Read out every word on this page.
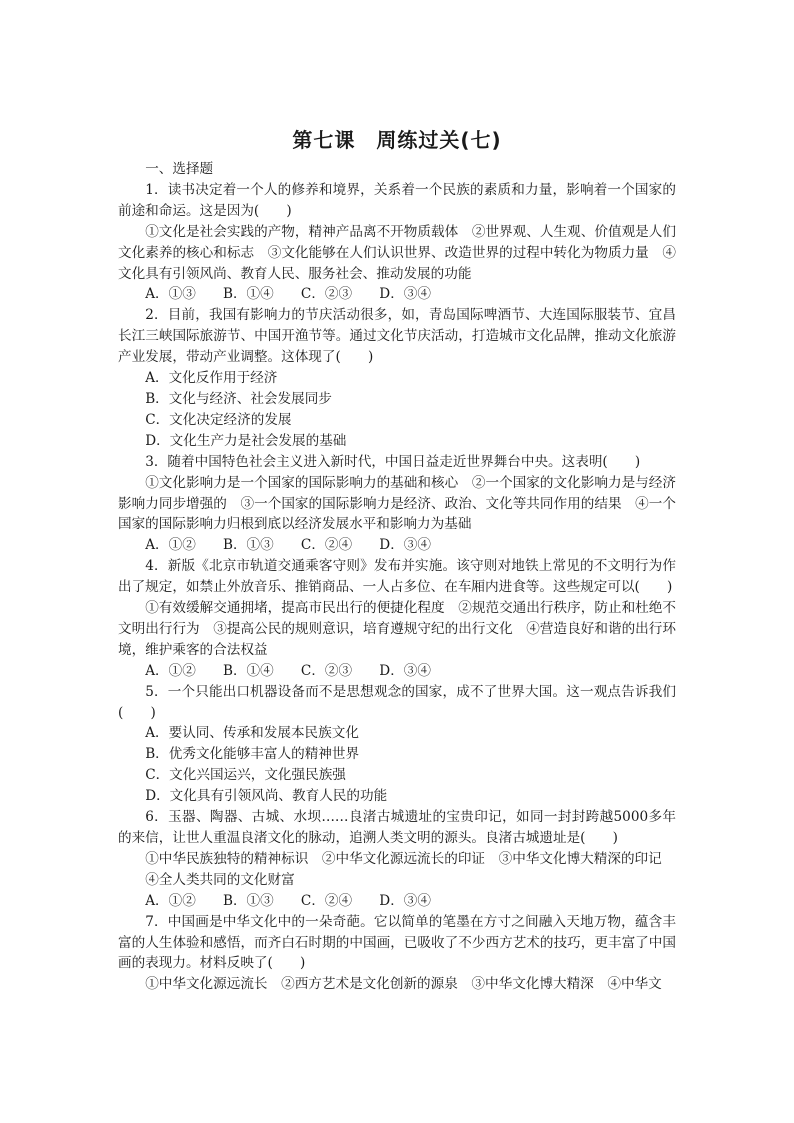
第七课　周练过关(七)

一、选择题

1．读书决定着一个人的修养和境界，关系着一个民族的素质和力量，影响着一个国家的前途和命运。这是因为(　　)

①文化是社会实践的产物，精神产品离不开物质载体　②世界观、人生观、价值观是人们文化素养的核心和标志　③文化能够在人们认识世界、改造世界的过程中转化为物质力量　④文化具有引领风尚、教育人民、服务社会、推动发展的功能

A．①③　　B．①④　　C．②③　　D．③④

2．目前，我国有影响力的节庆活动很多，如，青岛国际啤酒节、大连国际服装节、宜昌长江三峡国际旅游节、中国开渔节等。通过文化节庆活动，打造城市文化品牌，推动文化旅游产业发展，带动产业调整。这体现了(　　)

A．文化反作用于经济

B．文化与经济、社会发展同步

C．文化决定经济的发展

D．文化生产力是社会发展的基础

3．随着中国特色社会主义进入新时代，中国日益走近世界舞台中央。这表明(　　)

①文化影响力是一个国家的国际影响力的基础和核心　②一个国家的文化影响力是与经济影响力同步增强的　③一个国家的国际影响力是经济、政治、文化等共同作用的结果　④一个国家的国际影响力归根到底以经济发展水平和影响力为基础

A．①②　　B．①③　　C．②④　　D．③④

4．新版《北京市轨道交通乘客守则》发布并实施。该守则对地铁上常见的不文明行为作出了规定，如禁止外放音乐、推销商品、一人占多位、在车厢内进食等。这些规定可以(　　)

①有效缓解交通拥堵，提高市民出行的便捷化程度　②规范交通出行秩序，防止和杜绝不文明出行行为　③提高公民的规则意识，培育遵规守纪的出行文化　④营造良好和谐的出行环境，维护乘客的合法权益

A．①②　　B．①④　　C．②③　　D．③④

5．一个只能出口机器设备而不是思想观念的国家，成不了世界大国。这一观点告诉我们(　　)

A．要认同、传承和发展本民族文化

B．优秀文化能够丰富人的精神世界

C．文化兴国运兴，文化强民族强

D．文化具有引领风尚、教育人民的功能

6．玉器、陶器、古城、水坝……良渚古城遗址的宝贵印记，如同一封封跨越5000多年的来信，让世人重温良渚文化的脉动，追溯人类文明的源头。良渚古城遗址是(　　)

①中华民族独特的精神标识　②中华文化源远流长的印证　③中华文化博大精深的印记

④全人类共同的文化财富

A．①②　　B．①③　　C．②④　　D．③④

7．中国画是中华文化中的一朵奇葩。它以简单的笔墨在方寸之间融入天地万物，蕴含丰富的人生体验和感悟，而齐白石时期的中国画，已吸收了不少西方艺术的技巧，更丰富了中国画的表现力。材料反映了(　　)

①中华文化源远流长　②西方艺术是文化创新的源泉　③中华文化博大精深　④中华文
